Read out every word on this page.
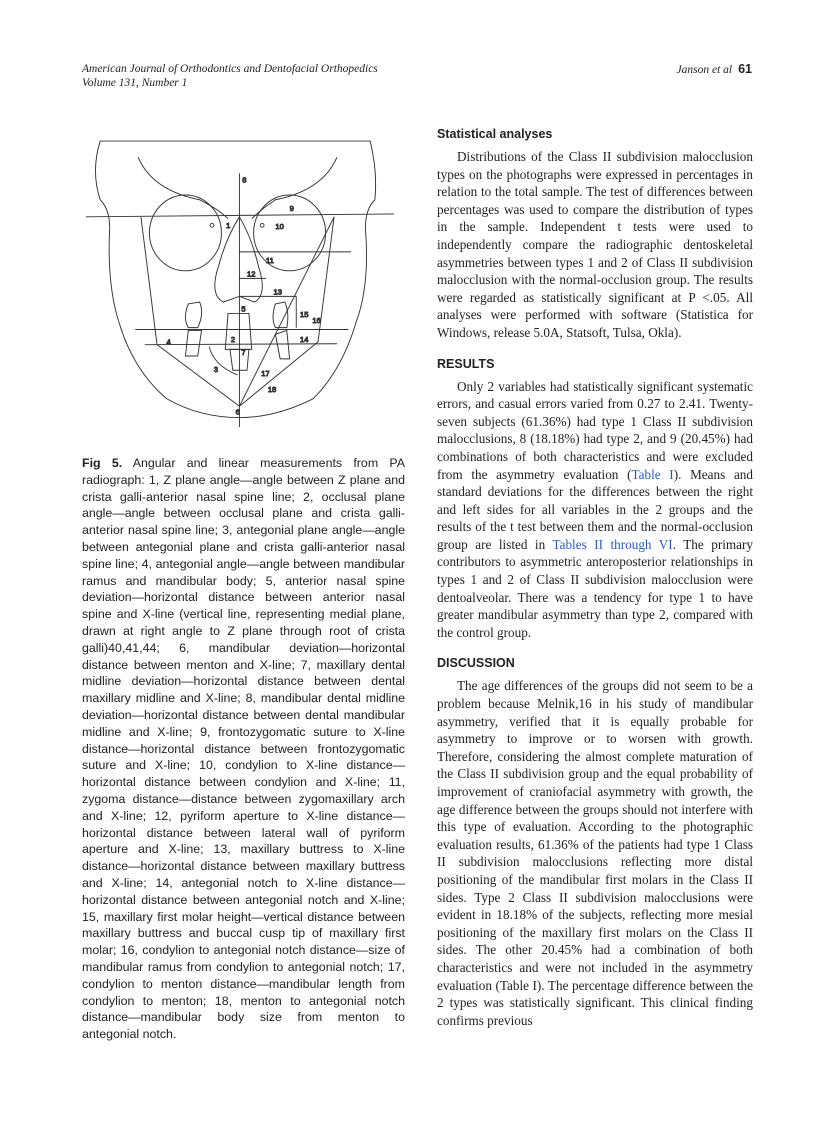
American Journal of Orthodontics and Dentofacial Orthopedics
Volume 131, Number 1
Janson et al 61
8
9
1	10
11
12
13
15
16
5
2
7
4	14
3	17
18
6
Fig 5. Angular and linear measurements from PA radiograph: 1, Z plane angle—angle between Z plane and crista galli-anterior nasal spine line; 2, occlusal plane angle—angle between occlusal plane and crista galli-anterior nasal spine line; 3, antegonial plane angle—angle between antegonial plane and crista galli-anterior nasal spine line; 4, antegonial angle—angle between mandibular ramus and mandibular body; 5, anterior nasal spine deviation—horizontal distance between anterior nasal spine and X-line (vertical line, representing medial plane, drawn at right angle to Z plane through root of crista galli)40,41,44; 6, mandibular deviation—horizontal distance between menton and X-line; 7, maxillary dental midline deviation—horizontal distance between dental maxillary midline and X-line; 8, mandibular dental midline deviation—horizontal distance between dental mandibular midline and X-line; 9, frontozygomatic suture to X-line distance—horizontal distance between frontozygomatic suture and X-line; 10, condylion to X-line distance—horizontal distance between condylion and X-line; 11, zygoma distance—distance between zygomaxillary arch and X-line; 12, pyriform aperture to X-line distance—horizontal distance between lateral wall of pyriform aperture and X-line; 13, maxillary buttress to X-line distance—horizontal distance between maxillary buttress and X-line; 14, antegonial notch to X-line distance—horizontal distance between antegonial notch and X-line; 15, maxillary first molar height—vertical distance between maxillary buttress and buccal cusp tip of maxillary first molar; 16, condylion to antegonial notch distance—size of mandibular ramus from condylion to antegonial notch; 17, condylion to menton distance—mandibular length from condylion to menton; 18, menton to antegonial notch distance—mandibular body size from menton to antegonial notch.
Statistical analyses

Distributions of the Class II subdivision malocclusion types on the photographs were expressed in percentages in relation to the total sample. The test of differences between percentages was used to compare the distribution of types in the sample. Independent t tests were used to independently compare the radiographic dentoskeletal asymmetries between types 1 and 2 of Class II subdivision malocclusion with the normal-occlusion group. The results were regarded as statistically significant at P <.05. All analyses were performed with software (Statistica for Windows, release 5.0A, Statsoft, Tulsa, Okla).

RESULTS

Only 2 variables had statistically significant systematic errors, and casual errors varied from 0.27 to 2.41. Twenty-seven subjects (61.36%) had type 1 Class II subdivision malocclusions, 8 (18.18%) had type 2, and 9 (20.45%) had combinations of both characteristics and were excluded from the asymmetry evaluation (Table I). Means and standard deviations for the differences between the right and left sides for all variables in the 2 groups and the results of the t test between them and the normal-occlusion group are listed in Tables II through VI. The primary contributors to asymmetric anteroposterior relationships in types 1 and 2 of Class II subdivision malocclusion were dentoalveolar. There was a tendency for type 1 to have greater mandibular asymmetry than type 2, compared with the control group.

DISCUSSION

The age differences of the groups did not seem to be a problem because Melnik,16 in his study of mandibular asymmetry, verified that it is equally probable for asymmetry to improve or to worsen with growth. Therefore, considering the almost complete maturation of the Class II subdivision group and the equal probability of improvement of craniofacial asymmetry with growth, the age difference between the groups should not interfere with this type of evaluation. According to the photographic evaluation results, 61.36% of the patients had type 1 Class II subdivision malocclusions reflecting more distal positioning of the mandibular first molars in the Class II sides. Type 2 Class II subdivision malocclusions were evident in 18.18% of the subjects, reflecting more mesial positioning of the maxillary first molars on the Class II sides. The other 20.45% had a combination of both characteristics and were not included in the asymmetry evaluation (Table I). The percentage difference between the 2 types was statistically significant. This clinical finding confirms previous
